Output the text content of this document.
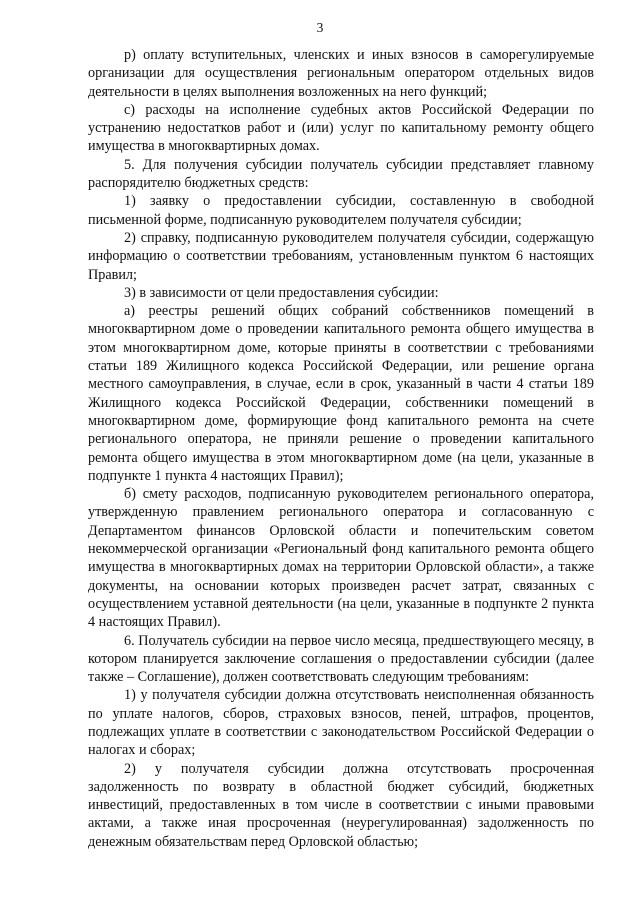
3

р) оплату вступительных, членских и иных взносов в саморегулируемые организации для осуществления региональным оператором отдельных видов деятельности в целях выполнения возложенных на него функций;

с) расходы на исполнение судебных актов Российской Федерации по устранению недостатков работ и (или) услуг по капитальному ремонту общего имущества в многоквартирных домах.

5. Для получения субсидии получатель субсидии представляет главному распорядителю бюджетных средств:

1) заявку о предоставлении субсидии, составленную в свободной письменной форме, подписанную руководителем получателя субсидии;

2) справку, подписанную руководителем получателя субсидии, содержащую информацию о соответствии требованиям, установленным пунктом 6 настоящих Правил;

3) в зависимости от цели предоставления субсидии:

а) реестры решений общих собраний собственников помещений в многоквартирном доме о проведении капитального ремонта общего имущества в этом многоквартирном доме, которые приняты в соответствии с требованиями статьи 189 Жилищного кодекса Российской Федерации, или решение органа местного самоуправления, в случае, если в срок, указанный в части 4 статьи 189 Жилищного кодекса Российской Федерации, собственники помещений в многоквартирном доме, формирующие фонд капитального ремонта на счете регионального оператора, не приняли решение о проведении капитального ремонта общего имущества в этом многоквартирном доме (на цели, указанные в подпункте 1 пункта 4 настоящих Правил);

б) смету расходов, подписанную руководителем регионального оператора, утвержденную правлением регионального оператора и согласованную с Департаментом финансов Орловской области и попечительским советом некоммерческой организации «Региональный фонд капитального ремонта общего имущества в многоквартирных домах на территории Орловской области», а также документы, на основании которых произведен расчет затрат, связанных с осуществлением уставной деятельности (на цели, указанные в подпункте 2 пункта 4 настоящих Правил).

6. Получатель субсидии на первое число месяца, предшествующего месяцу, в котором планируется заключение соглашения о предоставлении субсидии (далее также – Соглашение), должен соответствовать следующим требованиям:

1) у получателя субсидии должна отсутствовать неисполненная обязанность по уплате налогов, сборов, страховых взносов, пеней, штрафов, процентов, подлежащих уплате в соответствии с законодательством Российской Федерации о налогах и сборах;

2) у получателя субсидии должна отсутствовать просроченная задолженность по возврату в областной бюджет субсидий, бюджетных инвестиций, предоставленных в том числе в соответствии с иными правовыми актами, а также иная просроченная (неурегулированная) задолженность по денежным обязательствам перед Орловской областью;
